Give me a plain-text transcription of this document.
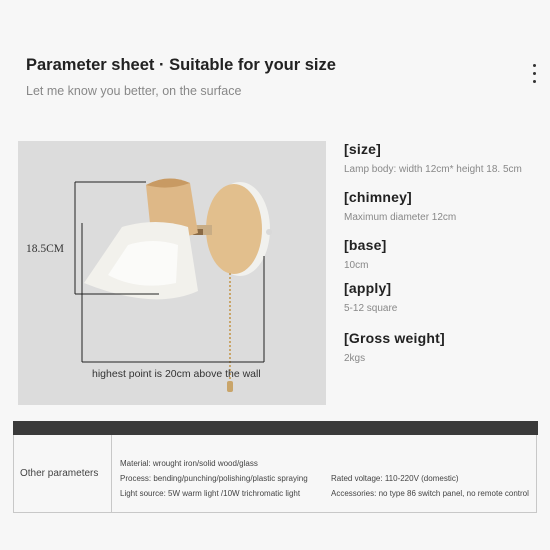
Parameter sheet · Suitable for your size
Let me know you better, on the surface
18.5CM
highest point is 20cm above the wall
[size]
Lamp body: width 12cm* height 18. 5cm
[chimney]
Maximum diameter 12cm
[base]
10cm
[apply]
5-12 square
[Gross weight]
2kgs
Other parameters
Material: wrought iron/solid wood/glass
Process: bending/punching/polishing/plastic spraying
Light source: 5W warm light /10W trichromatic light
Rated voltage: 110-220V (domestic)
Accessories: no type 86 switch panel, no remote control
